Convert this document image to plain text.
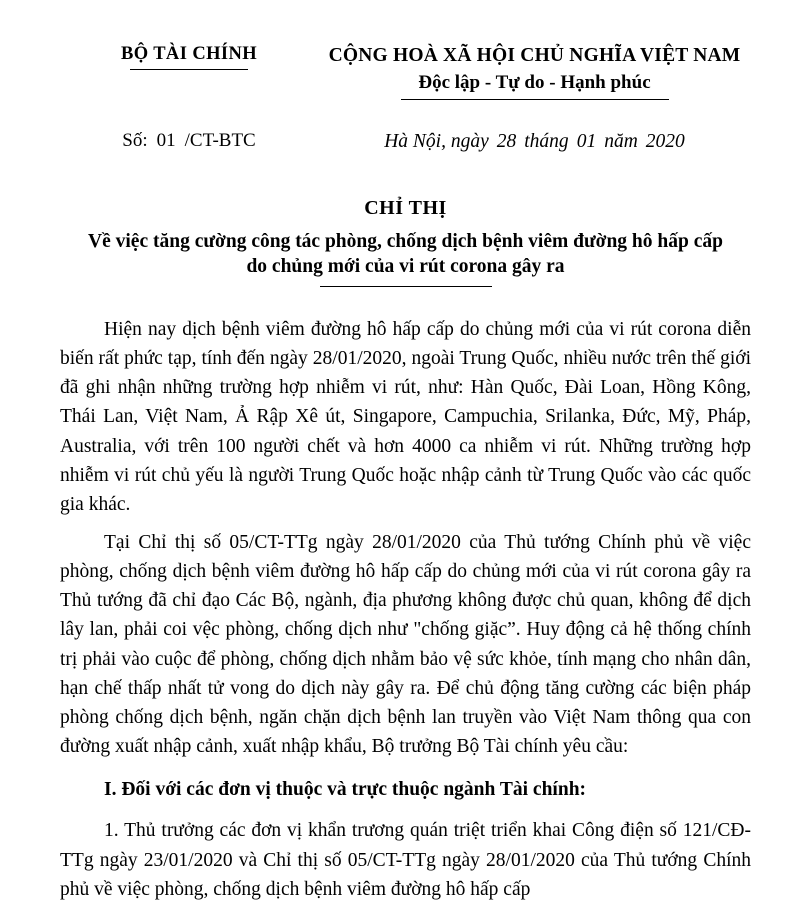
BỘ TÀI CHÍNH	CỘNG HOÀ XÃ HỘI CHỦ NGHĨA VIỆT NAM
Độc lập - Tự do - Hạnh phúc
Số: 01 /CT-BTC	Hà Nội, ngày 28 tháng 01 năm 2020
CHỈ THỊ
Về việc tăng cường công tác phòng, chống dịch bệnh viêm đường hô hấp cấp do chủng mới của vi rút corona gây ra

Hiện nay dịch bệnh viêm đường hô hấp cấp do chủng mới của vi rút corona diễn biến rất phức tạp, tính đến ngày 28/01/2020, ngoài Trung Quốc, nhiều nước trên thế giới đã ghi nhận những trường hợp nhiễm vi rút, như: Hàn Quốc, Đài Loan, Hồng Kông, Thái Lan, Việt Nam, Ả Rập Xê út, Singapore, Campuchia, Srilanka, Đức, Mỹ, Pháp, Australia, với trên 100 người chết và hơn 4000 ca nhiễm vi rút. Những trường hợp nhiễm vi rút chủ yếu là người Trung Quốc hoặc nhập cảnh từ Trung Quốc vào các quốc gia khác.

Tại Chỉ thị số 05/CT-TTg ngày 28/01/2020 của Thủ tướng Chính phủ về việc phòng, chống dịch bệnh viêm đường hô hấp cấp do chủng mới của vi rút corona gây ra Thủ tướng đã chỉ đạo Các Bộ, ngành, địa phương không được chủ quan, không để dịch lây lan, phải coi vệc phòng, chống dịch như "chống giặc”. Huy động cả hệ thống chính trị phải vào cuộc để phòng, chống dịch nhằm bảo vệ sức khỏe, tính mạng cho nhân dân, hạn chế thấp nhất tử vong do dịch này gây ra. Để chủ động tăng cường các biện pháp phòng chống dịch bệnh, ngăn chặn dịch bệnh lan truyền vào Việt Nam thông qua con đường xuất nhập cảnh, xuất nhập khẩu, Bộ trưởng Bộ Tài chính yêu cầu:

I. Đối với các đơn vị thuộc và trực thuộc ngành Tài chính:

1. Thủ trưởng các đơn vị khẩn trương quán triệt triển khai Công điện số 121/CĐ-TTg ngày 23/01/2020 và Chỉ thị số 05/CT-TTg ngày 28/01/2020 của Thủ tướng Chính phủ về việc phòng, chống dịch bệnh viêm đường hô hấp cấp
